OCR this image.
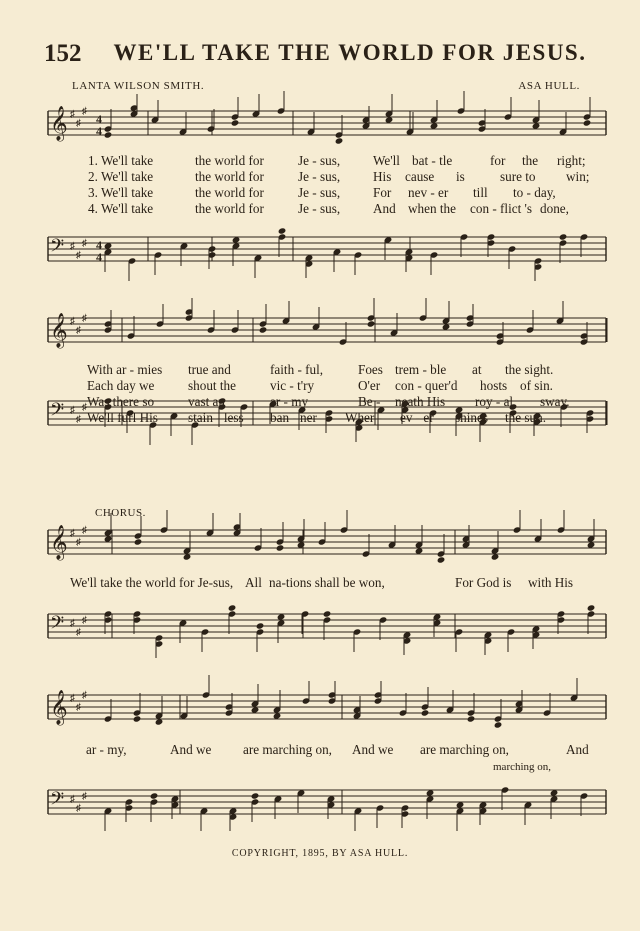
152	WE'LL TAKE THE WORLD FOR JESUS.
LANTA WILSON SMITH.	ASA HULL.
𝄞 ♯
♯
♯
𝄢 ♯
♯
♯
𝄞 ♯
♯
♯
𝄢 ♯
♯
♯
𝄞 ♯
♯
♯
𝄢 ♯
♯
♯
𝄞 ♯
♯
♯
𝄢 ♯
♯
♯
4
4
4
4
1. We'll take	the world for	Je - sus, We'll bat - tle	for the right;
2. We'll take	the world for	Je - sus, His cause is	sure to win;
3. We'll take	the world for	Je - sus, For nev - er till to - day,
4. We'll take	the world for	Je - sus, And when the con - flict 's done,
With ar - mies true and	faith - ful,	Foes trem - ble at the sight.
Each day we	shout the	vic - t'ry	O'er con - quer'd hosts of sin.
Was there so	vast an	ar - my	Be - neath His roy - al sway.
We'll furl His stain - less ban - ner Wher - ev - er shines the sun.
CHORUS.
We'll take the world for Je-sus, All na-tions shall be won,	For God is with His
ar - my,	And we are marching on, And we are marching on,	And
marching on,
COPYRIGHT, 1895, BY ASA HULL.
